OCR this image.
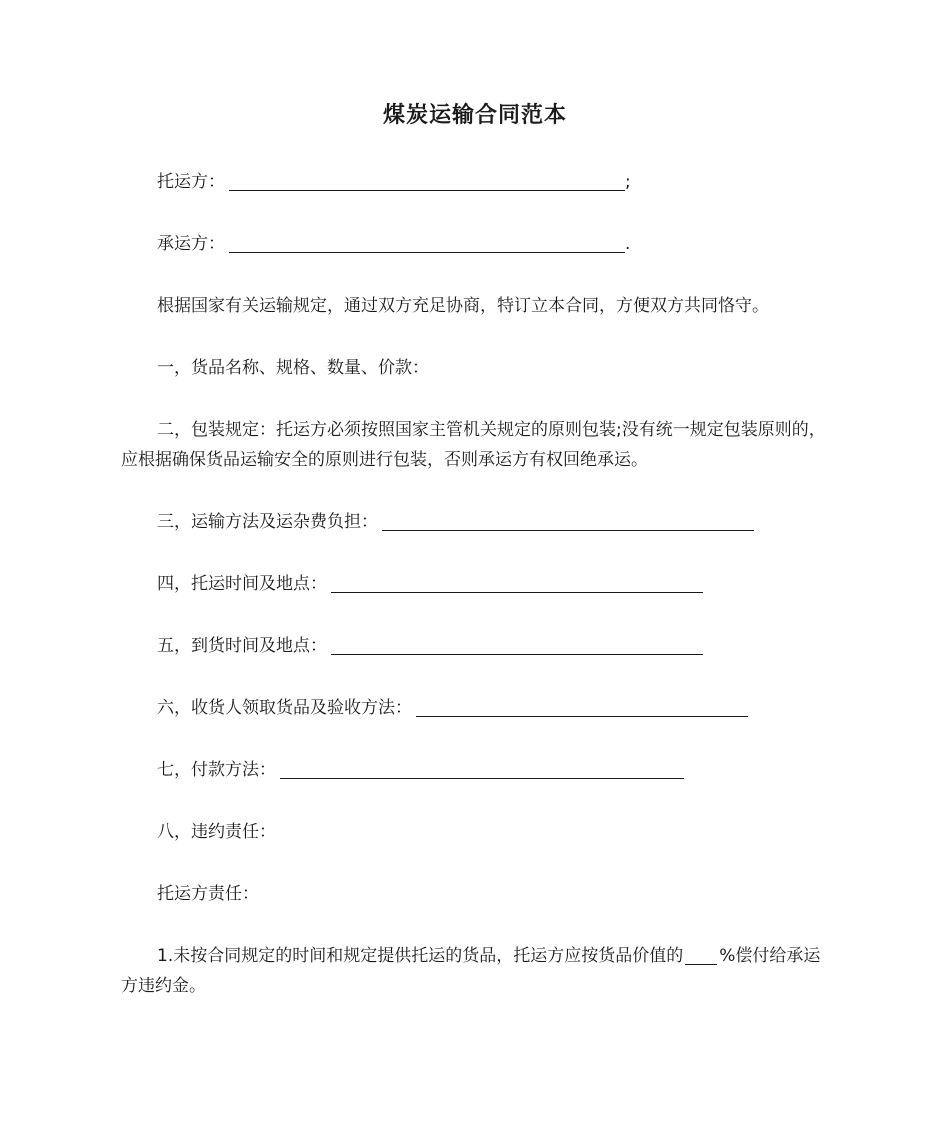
煤炭运输合同范本
托运方：	;
承运方：	.
根据国家有关运输规定，通过双方充足协商，特订立本合同，方便双方共同恪守。
一，货品名称、规格、数量、价款：
二，包装规定：托运方必须按照国家主管机关规定的原则包装;没有统一规定包装原则的，应根据确保货品运输安全的原则进行包装，否则承运方有权回绝承运。
三，运输方法及运杂费负担：
四，托运时间及地点：
五，到货时间及地点：
六，收货人领取货品及验收方法：
七，付款方法：
八，违约责任：
托运方责任：
1.未按合同规定的时间和规定提供托运的货品，托运方应按货品价值的 %偿付给承运方违约金。
